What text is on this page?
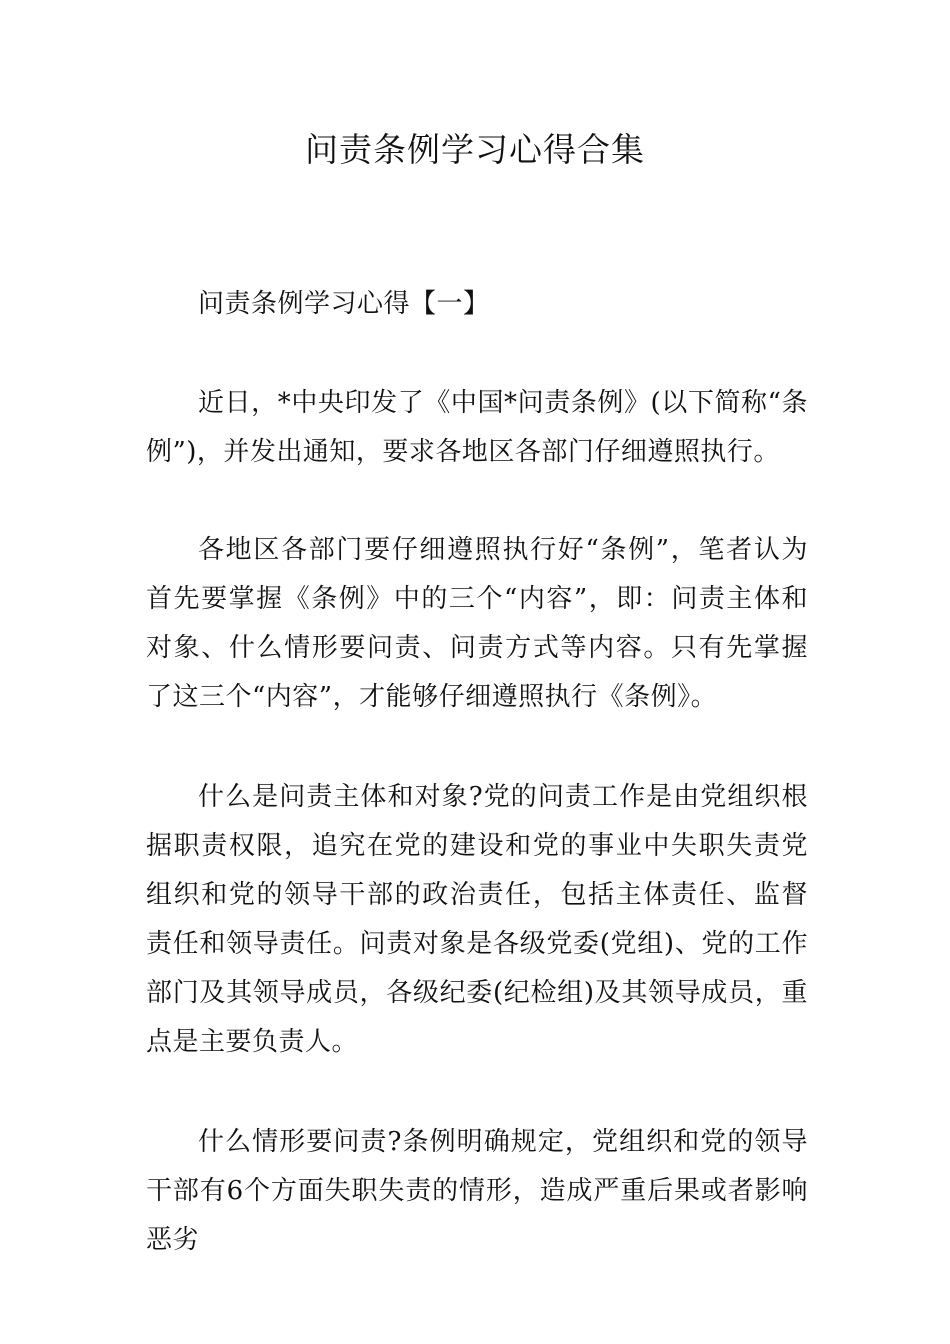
问责条例学习心得合集

问责条例学习心得【一】

近日，*中央印发了《中国*问责条例》(以下简称“条例”)，并发出通知，要求各地区各部门仔细遵照执行。

各地区各部门要仔细遵照执行好“条例”，笔者认为首先要掌握《条例》中的三个“内容”，即：问责主体和对象、什么情形要问责、问责方式等内容。只有先掌握了这三个“内容”，才能够仔细遵照执行《条例》。

什么是问责主体和对象?党的问责工作是由党组织根据职责权限，追究在党的建设和党的事业中失职失责党组织和党的领导干部的政治责任，包括主体责任、监督责任和领导责任。问责对象是各级党委(党组)、党的工作部门及其领导成员，各级纪委(纪检组)及其领导成员，重点是主要负责人。

什么情形要问责?条例明确规定，党组织和党的领导干部有6个方面失职失责的情形，造成严重后果或者影响恶劣
